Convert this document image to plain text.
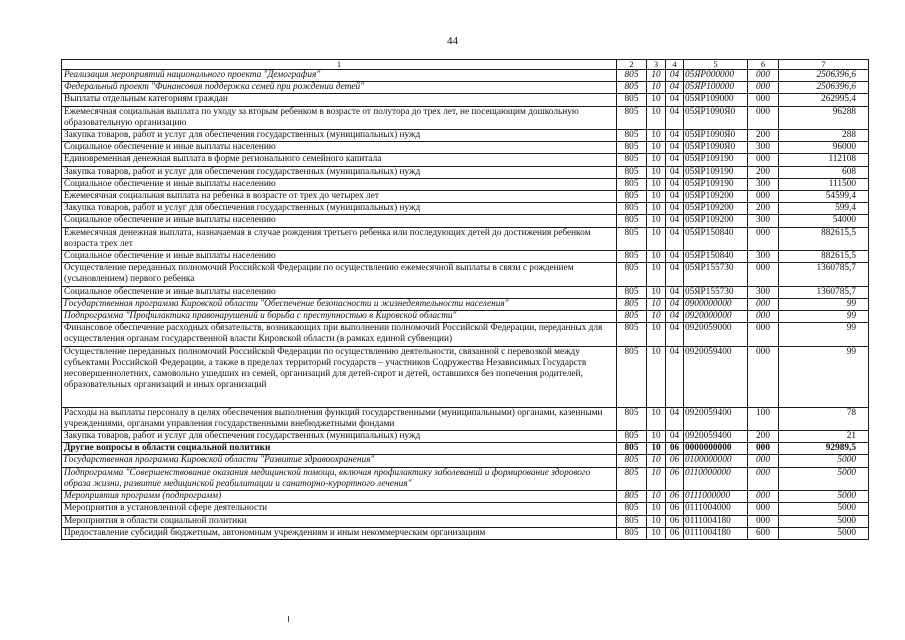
44
1	2	3	4	5	6	7
Реализация мероприятий национального проекта "Демография"	805	10	04	05ЯР000000	000	2506396,6
Федеральный проект "Финансовая поддержка семей при рождении детей"	805	10	04	05ЯР100000	000	2506396,6
Выплаты отдельным категориям граждан	805	10	04	05ЯР109000	000	262995,4
Ежемесячная социальная выплата по уходу за вторым ребенком в возрасте от полутора до трех лет, не посещающим дошкольную образовательную организацию	805	10	04	05ЯР1090Я0	000	96288
Закупка товаров, работ и услуг для обеспечения государственных (муниципальных) нужд	805	10	04	05ЯР1090Я0	200	288
Социальное обеспечение и иные выплаты населению	805	10	04	05ЯР1090Я0	300	96000
Единовременная денежная выплата в форме регионального семейного капитала	805	10	04	05ЯР109190	000	112108
Закупка товаров, работ и услуг для обеспечения государственных (муниципальных) нужд	805	10	04	05ЯР109190	200	608
Социальное обеспечение и иные выплаты населению	805	10	04	05ЯР109190	300	111500
Ежемесячная социальная выплата на ребенка в возрасте от трех до четырех лет	805	10	04	05ЯР109200	000	54599,4
Закупка товаров, работ и услуг для обеспечения государственных (муниципальных) нужд	805	10	04	05ЯР109200	200	599,4
Социальное обеспечение и иные выплаты населению	805	10	04	05ЯР109200	300	54000
Ежемесячная денежная выплата, назначаемая в случае рождения третьего ребенка или последующих детей до достижения ребенком возраста трех лет	805	10	04	05ЯР150840	000	882615,5
Социальное обеспечение и иные выплаты населению	805	10	04	05ЯР150840	300	882615,5
Осуществление переданных полномочий Российской Федерации по осуществлению ежемесячной выплаты в связи с рождением (усыновлением) первого ребенка	805	10	04	05ЯР155730	000	1360785,7
Социальное обеспечение и иные выплаты населению	805	10	04	05ЯР155730	300	1360785,7
Государственная программа Кировской области "Обеспечение безопасности и жизнедеятельности населения"	805	10	04	0900000000	000	99
Подпрограмма "Профилактика правонарушений и борьба с преступностью в Кировской области"	805	10	04	0920000000	000	99
Финансовое обеспечение расходных обязательств, возникающих при выполнении полномочий Российской Федерации, переданных для осуществления органам государственной власти Кировской области (в рамках единой субвенции)	805	10	04	0920059000	000	99
Осуществление переданных полномочий Российской Федерации по осуществлению деятельности, связанной с перевозкой между субъектами Российской Федерации, а также в пределах территорий государств – участников Содружества Независимых Государств несовершеннолетних, самовольно ушедших из семей, организаций для детей-сирот и детей, оставшихся без попечения родителей, образовательных организаций и иных организаций	805	10	04	0920059400	000	99
Расходы на выплаты персоналу в целях обеспечения выполнения функций государственными (муниципальными) органами, казенными учреждениями, органами управления государственными внебюджетными фондами	805	10	04	0920059400	100	78
Закупка товаров, работ и услуг для обеспечения государственных (муниципальных) нужд	805	10	04	0920059400	200	21
Другие вопросы в области социальной политики	805	10	06	0000000000	000	92989,5
Государственная программа Кировской области "Развитие здравоохранения"	805	10	06	0100000000	000	5000
Подпрограмма "Совершенствование оказания медицинской помощи, включая профилактику заболеваний и формирование здорового образа жизни, развитие медицинской реабилитации и санаторно-курортного лечения"	805	10	06	0110000000	000	5000
Мероприятия программ (подпрограмм)	805	10	06	0111000000	000	5000
Мероприятия в установленной сфере деятельности	805	10	06	0111004000	000	5000
Мероприятия в области социальной политики	805	10	06	0111004180	000	5000
Предоставление субсидий бюджетным, автономным учреждениям и иным некоммерческим организациям	805	10	06	0111004180	600	5000
